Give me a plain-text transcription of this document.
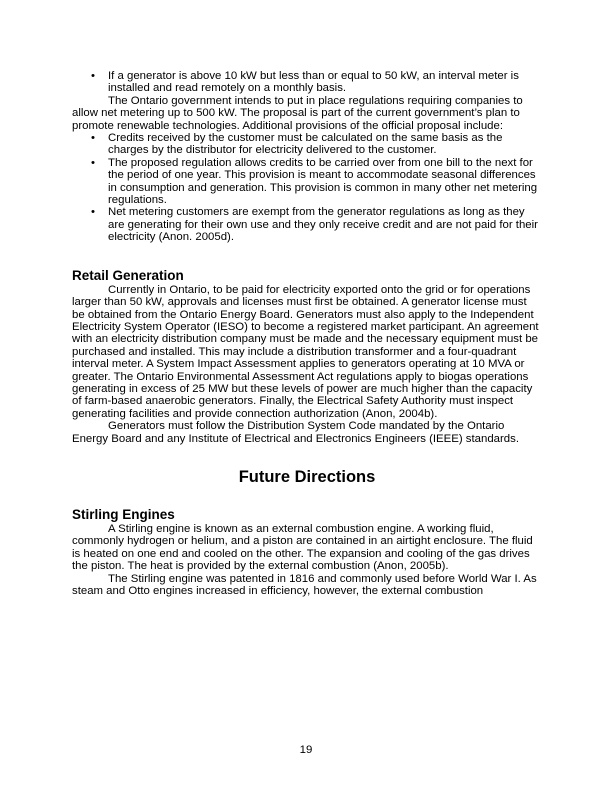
• If a generator is above 10 kW but less than or equal to 50 kW, an interval meter is installed and read remotely on a monthly basis.

The Ontario government intends to put in place regulations requiring companies to allow net metering up to 500 kW. The proposal is part of the current government’s plan to promote renewable technologies. Additional provisions of the official proposal include:

• Credits received by the customer must be calculated on the same basis as the charges by the distributor for electricity delivered to the customer.
• The proposed regulation allows credits to be carried over from one bill to the next for the period of one year. This provision is meant to accommodate seasonal differences in consumption and generation. This provision is common in many other net metering regulations.
• Net metering customers are exempt from the generator regulations as long as they are generating for their own use and they only receive credit and are not paid for their electricity (Anon. 2005d).
Retail Generation

Currently in Ontario, to be paid for electricity exported onto the grid or for operations larger than 50 kW, approvals and licenses must first be obtained. A generator license must be obtained from the Ontario Energy Board. Generators must also apply to the Independent Electricity System Operator (IESO) to become a registered market participant. An agreement with an electricity distribution company must be made and the necessary equipment must be purchased and installed. This may include a distribution transformer and a four-quadrant interval meter. A System Impact Assessment applies to generators operating at 10 MVA or greater. The Ontario Environmental Assessment Act regulations apply to biogas operations generating in excess of 25 MW but these levels of power are much higher than the capacity of farm-based anaerobic generators. Finally, the Electrical Safety Authority must inspect generating facilities and provide connection authorization (Anon, 2004b).

Generators must follow the Distribution System Code mandated by the Ontario Energy Board and any Institute of Electrical and Electronics Engineers (IEEE) standards.

Future Directions
Stirling Engines

A Stirling engine is known as an external combustion engine. A working fluid, commonly hydrogen or helium, and a piston are contained in an airtight enclosure. The fluid is heated on one end and cooled on the other. The expansion and cooling of the gas drives the piston. The heat is provided by the external combustion (Anon, 2005b).

The Stirling engine was patented in 1816 and commonly used before World War I. As steam and Otto engines increased in efficiency, however, the external combustion

19
